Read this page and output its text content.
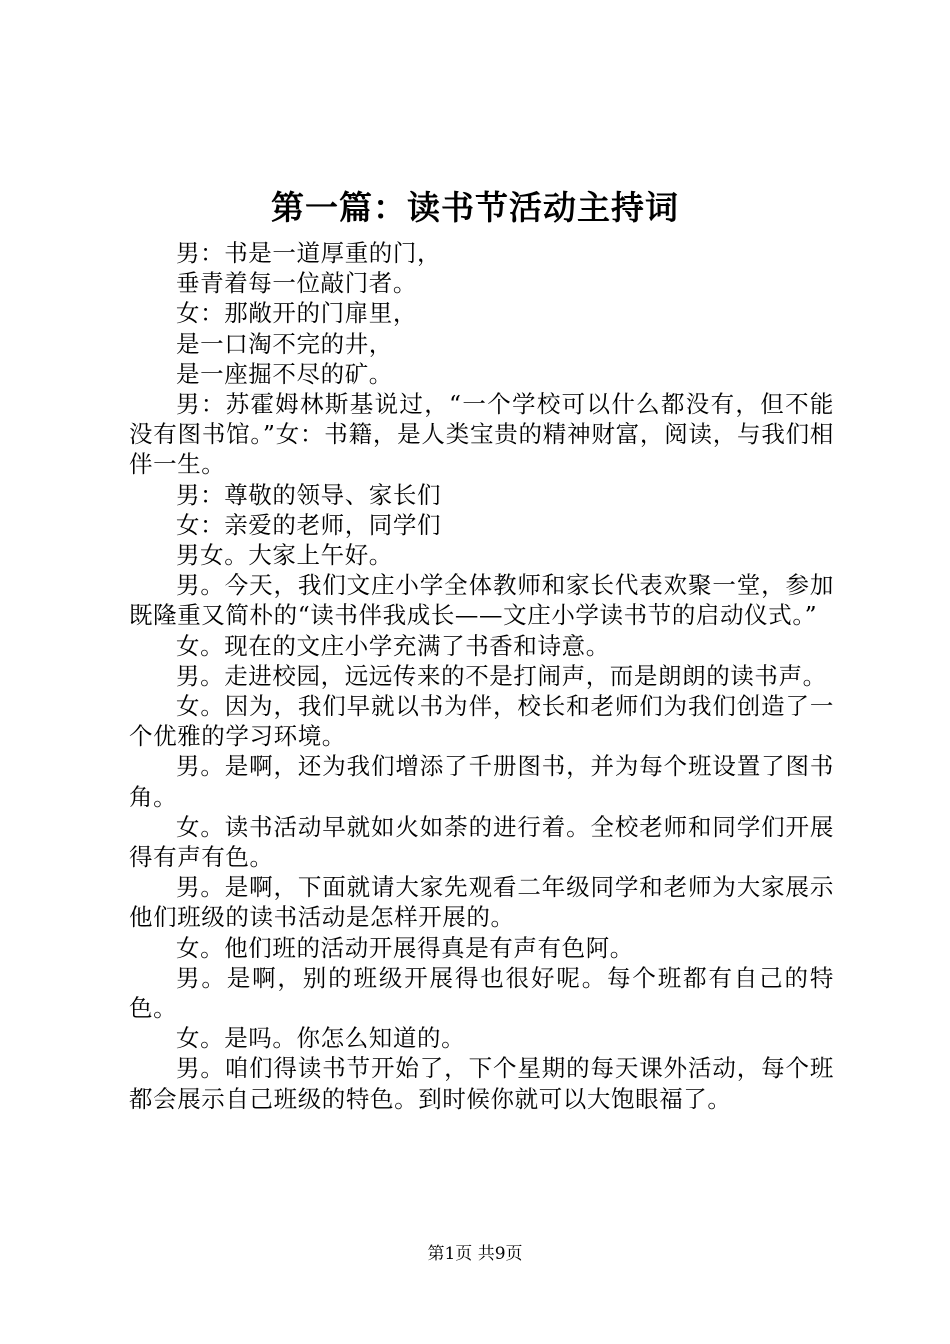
第一篇：读书节活动主持词

男：书是一道厚重的门，

垂青着每一位敲门者。

女：那敞开的门扉里，

是一口淘不完的井，

是一座掘不尽的矿。

男：苏霍姆林斯基说过，“一个学校可以什么都没有，但不能没有图书馆。”女：书籍，是人类宝贵的精神财富，阅读，与我们相伴一生。

男：尊敬的领导、家长们

女：亲爱的老师，同学们

男女。大家上午好。

男。今天，我们文庄小学全体教师和家长代表欢聚一堂，参加既隆重又简朴的“读书伴我成长——文庄小学读书节的启动仪式。”

女。现在的文庄小学充满了书香和诗意。

男。走进校园，远远传来的不是打闹声，而是朗朗的读书声。

女。因为，我们早就以书为伴，校长和老师们为我们创造了一个优雅的学习环境。

男。是啊，还为我们增添了千册图书，并为每个班设置了图书角。

女。读书活动早就如火如荼的进行着。全校老师和同学们开展得有声有色。

男。是啊，下面就请大家先观看二年级同学和老师为大家展示他们班级的读书活动是怎样开展的。

女。他们班的活动开展得真是有声有色阿。

男。是啊，别的班级开展得也很好呢。每个班都有自己的特色。

女。是吗。你怎么知道的。

男。咱们得读书节开始了，下个星期的每天课外活动，每个班都会展示自己班级的特色。到时候你就可以大饱眼福了。

第1页 共9页
